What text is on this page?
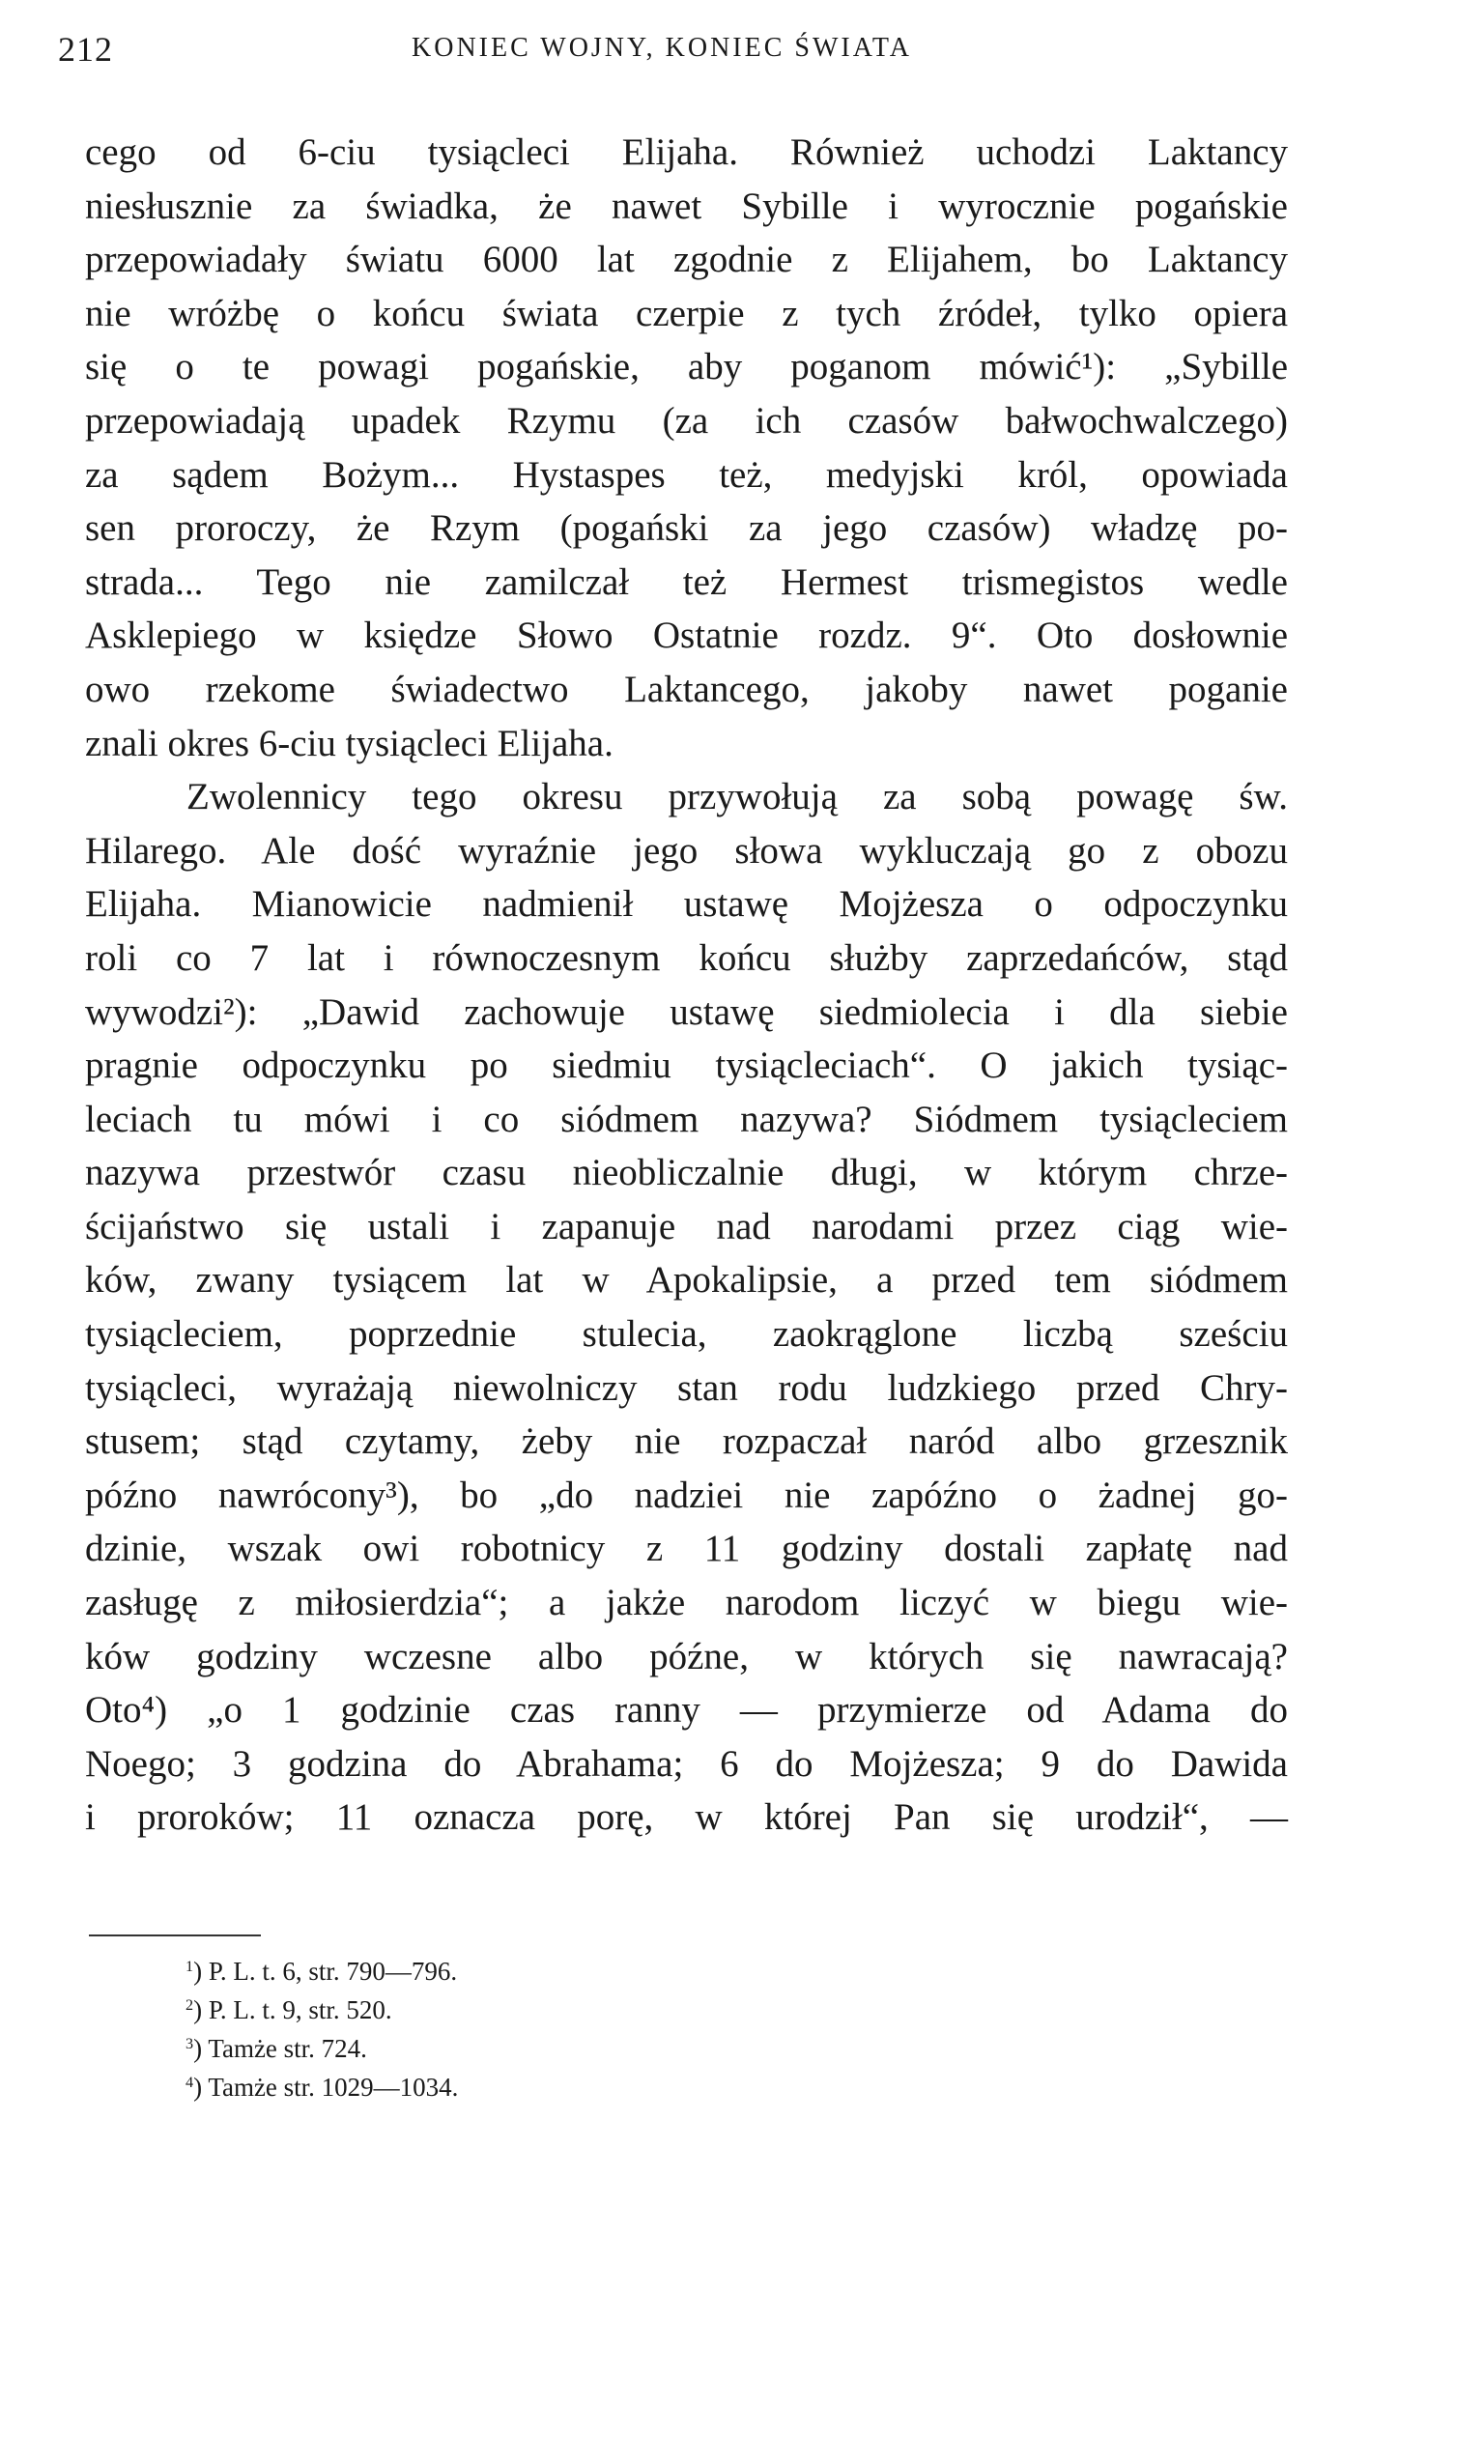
212	KONIEC WOJNY, KONIEC ŚWIATA
cego od 6-ciu tysiącleci Elijaha. Również uchodzi Laktancy
niesłusznie za świadka, że nawet Sybille i wyrocznie pogańskie
przepowiadały światu 6000 lat zgodnie z Elijahem, bo Laktancy
nie wróżbę o końcu świata czerpie z tych źródeł, tylko opiera
się o te powagi pogańskie, aby poganom mówić¹): „Sybille
przepowiadają upadek Rzymu (za ich czasów bałwochwalczego)
za sądem Bożym... Hystaspes też, medyjski król, opowiada
sen proroczy, że Rzym (pogański za jego czasów) władzę po-
strada... Tego nie zamilczał też Hermest trismegistos wedle
Asklepiego w księdze Słowo Ostatnie rozdz. 9“. Oto dosłownie
owo rzekome świadectwo Laktancego, jakoby nawet poganie
znali okres 6-ciu tysiącleci Elijaha.
Zwolennicy tego okresu przywołują za sobą powagę św.
Hilarego. Ale dość wyraźnie jego słowa wykluczają go z obozu
Elijaha. Mianowicie nadmienił ustawę Mojżesza o odpoczynku
roli co 7 lat i równoczesnym końcu służby zaprzedańców, stąd
wywodzi²): „Dawid zachowuje ustawę siedmiolecia i dla siebie
pragnie odpoczynku po siedmiu tysiącleciach“. O jakich tysiąc-
leciach tu mówi i co siódmem nazywa? Siódmem tysiącleciem
nazywa przestwór czasu nieobliczalnie długi, w którym chrze-
ścijaństwo się ustali i zapanuje nad narodami przez ciąg wie-
ków, zwany tysiącem lat w Apokalipsie, a przed tem siódmem
tysiącleciem, poprzednie stulecia, zaokrąglone liczbą sześciu
tysiącleci, wyrażają niewolniczy stan rodu ludzkiego przed Chry-
stusem; stąd czytamy, żeby nie rozpaczał naród albo grzesznik
późno nawrócony³), bo „do nadziei nie zapóźno o żadnej go-
dzinie, wszak owi robotnicy z 11 godziny dostali zapłatę nad
zasługę z miłosierdzia“; a jakże narodom liczyć w biegu wie-
ków godziny wczesne albo późne, w których się nawracają?
Oto⁴) „o 1 godzinie czas ranny — przymierze od Adama do
Noego; 3 godzina do Abrahama; 6 do Mojżesza; 9 do Dawida
i proroków; 11 oznacza porę, w której Pan się urodził“, —
$^1$) P. L. t. 6, str. 790—796.
$^2$) P. L. t. 9, str. 520.
$^3$) Tamże str. 724.
$^4$) Tamże str. 1029—1034.
